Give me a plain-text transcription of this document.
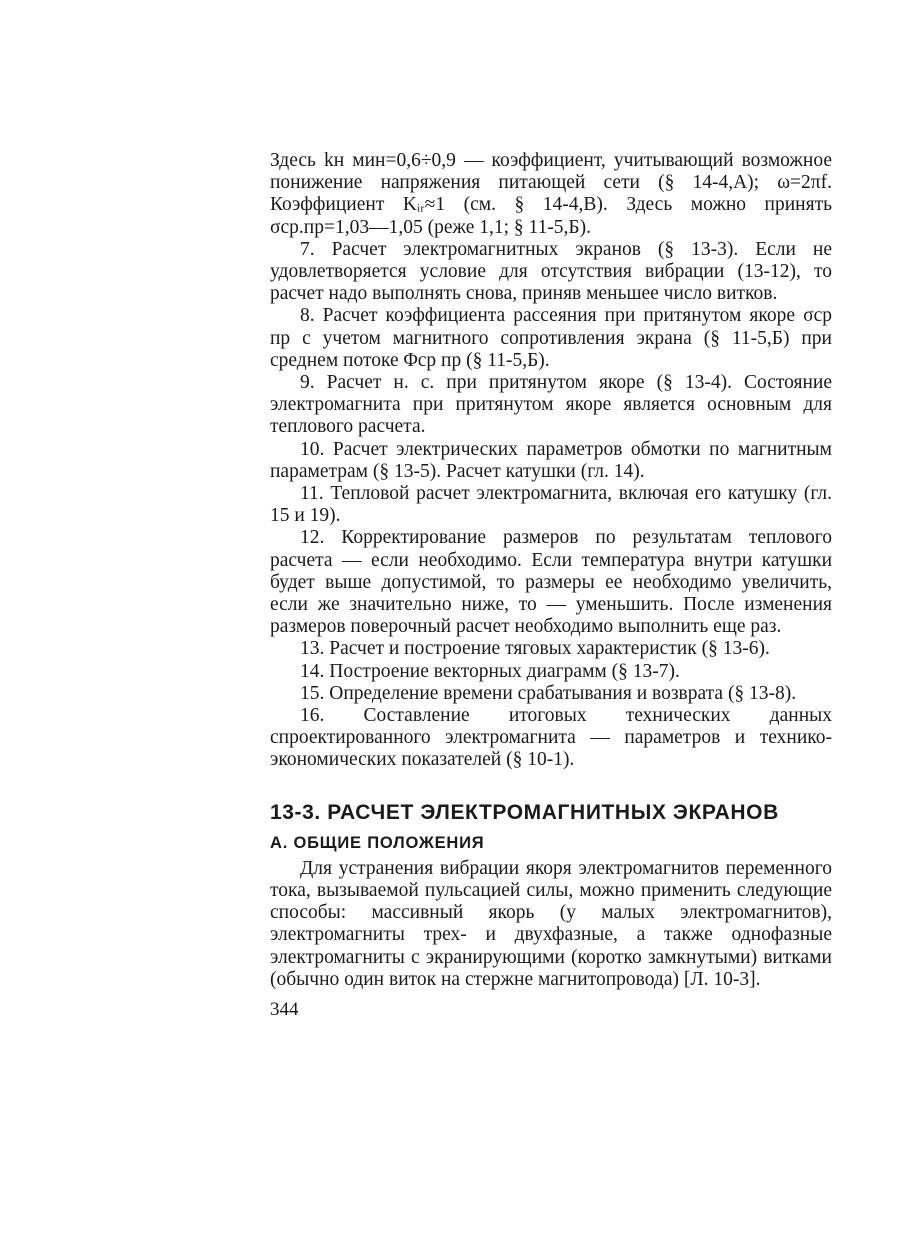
Здесь kн мин=0,6÷0,9 — коэффициент, учитывающий возможное понижение напряжения питающей сети (§ 14-4,А); ω=2πf. Коэффициент Kᵢᵣ≈1 (см. § 14-4,В). Здесь можно принять σср.пр=1,03—1,05 (реже 1,1; § 11-5,Б).

7. Расчет электромагнитных экранов (§ 13-3). Если не удовлетворяется условие для отсутствия вибрации (13-12), то расчет надо выполнять снова, приняв меньшее число витков.

8. Расчет коэффициента рассеяния при притянутом якоре σср пр с учетом магнитного сопротивления экрана (§ 11-5,Б) при среднем потоке Φср пр (§ 11-5,Б).

9. Расчет н. с. при притянутом якоре (§ 13-4). Состояние электромагнита при притянутом якоре является основным для теплового расчета.

10. Расчет электрических параметров обмотки по магнитным параметрам (§ 13-5). Расчет катушки (гл. 14).

11. Тепловой расчет электромагнита, включая его катушку (гл. 15 и 19).

12. Корректирование размеров по результатам теплового расчета — если необходимо. Если температура внутри катушки будет выше допустимой, то размеры ее необходимо увеличить, если же значительно ниже, то — уменьшить. После изменения размеров поверочный расчет необходимо выполнить еще раз.

13. Расчет и построение тяговых характеристик (§ 13-6).

14. Построение векторных диаграмм (§ 13-7).

15. Определение времени срабатывания и возврата (§ 13-8).

16. Составление итоговых технических данных спроектированного электромагнита — параметров и технико-экономических показателей (§ 10-1).

13-3. РАСЧЕТ ЭЛЕКТРОМАГНИТНЫХ ЭКРАНОВ
А. ОБЩИЕ ПОЛОЖЕНИЯ

Для устранения вибрации якоря электромагнитов переменного тока, вызываемой пульсацией силы, можно применить следующие способы: массивный якорь (у малых электромагнитов), электромагниты трех- и двухфазные, а также однофазные электромагниты с экранирующими (коротко замкнутыми) витками (обычно один виток на стержне магнитопровода) [Л. 10-3].

344
